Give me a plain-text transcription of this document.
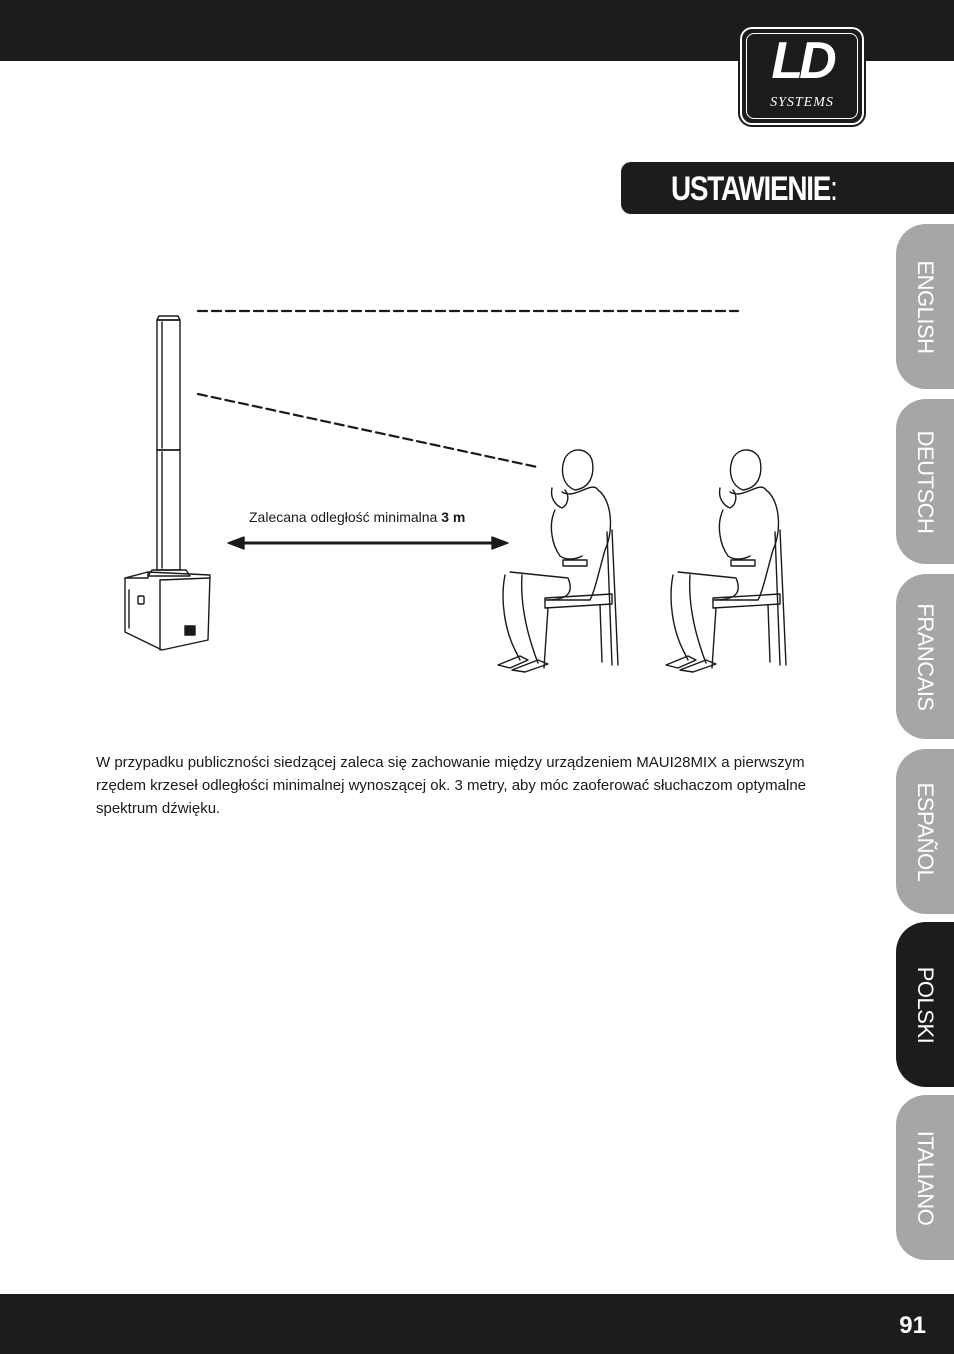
LD
SYSTEMS
USTAWIENIE:
ENGLISH
DEUTSCH
FRANCAIS
ESPAÑOL
POLSKI
ITALIANO
Zalecana odległość minimalna 3 m
W przypadku publiczności siedzącej zaleca się zachowanie między urządzeniem MAUI28MIX a pierwszym rzędem krzeseł odległości minimalnej wynoszącej ok. 3 metry, aby móc zaoferować słuchaczom optymalne spektrum dźwięku.
91
